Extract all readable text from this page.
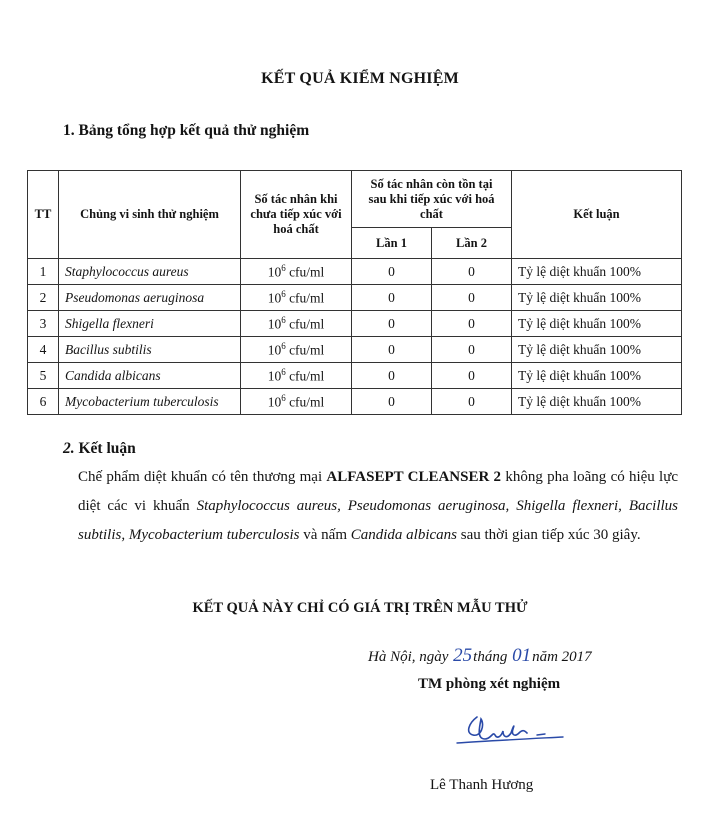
KẾT QUẢ KIỂM NGHIỆM
1. Bảng tổng hợp kết quả thử nghiệm
TT	Chủng vi sinh thử nghiệm	Số tác nhân khi chưa tiếp xúc với hoá chất	Số tác nhân còn tồn tại sau khi tiếp xúc với hoá chất		Kết luận
			Lần 1	Lần 2	
1	Staphylococcus aureus	$10^6$ cfu/ml	0	0	Tỷ lệ diệt khuẩn 100%
2	Pseudomonas aeruginosa	$10^6$ cfu/ml	0	0	Tỷ lệ diệt khuẩn 100%
3	Shigella flexneri	$10^6$ cfu/ml	0	0	Tỷ lệ diệt khuẩn 100%
4	Bacillus subtilis	$10^6$ cfu/ml	0	0	Tỷ lệ diệt khuẩn 100%
5	Candida albicans	$10^6$ cfu/ml	0	0	Tỷ lệ diệt khuẩn 100%
6	Mycobacterium tuberculosis	$10^6$ cfu/ml	0	0	Tỷ lệ diệt khuẩn 100%
2. Kết luận
Chế phẩm diệt khuẩn có tên thương mại ALFASEPT CLEANSER 2 không pha loãng có hiệu lực diệt các vi khuẩn Staphylococcus aureus, Pseudomonas aeruginosa, Shigella flexneri, Bacillus subtilis, Mycobacterium tuberculosis và nấm Candida albicans sau thời gian tiếp xúc 30 giây.
KẾT QUẢ NÀY CHỈ CÓ GIÁ TRỊ TRÊN MẪU THỬ
Hà Nội, ngày 25tháng 01năm 2017
TM phòng xét nghiệm
Lê Thanh Hương
